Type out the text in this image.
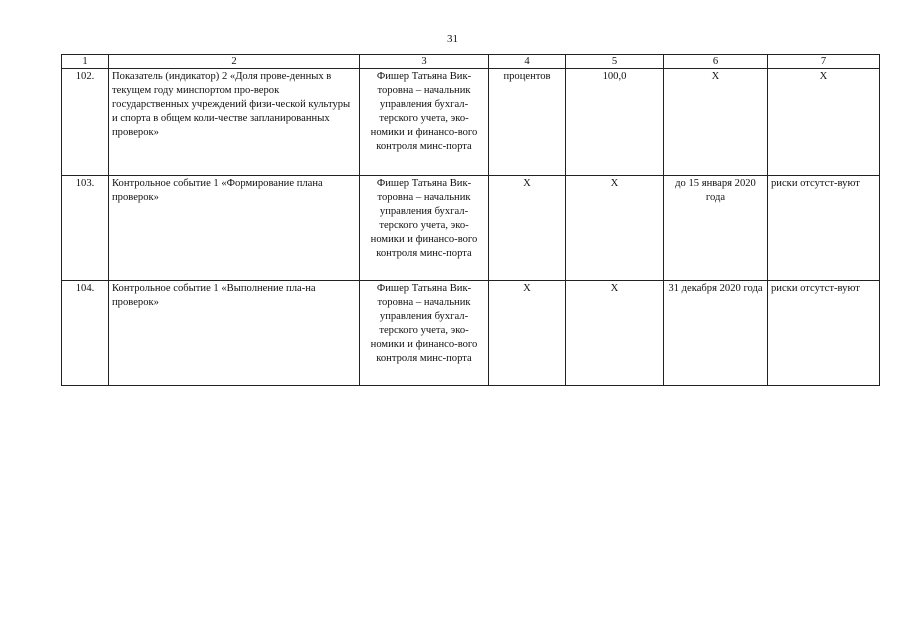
31
1	2	3	4	5	6	7
102.	Показатель (индикатор) 2 «Доля прове-денных в текущем году минспортом про-верок государственных учреждений физи-ческой культуры и спорта в общем коли-честве запланированных проверок»	Фишер Татьяна Вик-торовна – начальник управления бухгал-терского учета, эко-номики и финансо-вого контроля минс-порта	процентов	100,0	Х	Х
103.	Контрольное событие 1 «Формирование плана проверок»	Фишер Татьяна Вик-торовна – начальник управления бухгал-терского учета, эко-номики и финансо-вого контроля минс-порта	Х	Х	до 15 января 2020 года	риски отсутст-вуют
104.	Контрольное событие 1 «Выполнение пла-на проверок»	Фишер Татьяна Вик-торовна – начальник управления бухгал-терского учета, эко-номики и финансо-вого контроля минс-порта	Х	Х	31 декабря 2020 года	риски отсутст-вуют
